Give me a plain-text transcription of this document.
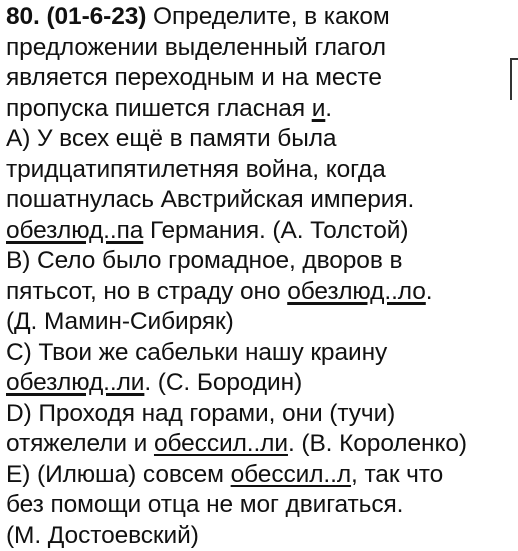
80. (01-6-23) Определите, в каком
предложении выделенный глагол
является переходным и на месте
пропуска пишется гласная и.
А) У всех ещё в памяти была
тридцатипятилетняя война, когда
пошатнулась Австрийская империя.
обезлюд..па Германия. (А. Толстой)
В) Село было громадное, дворов в
пятьсот, но в страду оно обезлюд..ло.
(Д. Мамин-Сибиряк)
С) Твои же сабельки нашу краину
обезлюд..ли. (С. Бородин)
D) Проходя над горами, они (тучи)
отяжелели и обессил..ли. (В. Короленко)
Е) (Илюша) совсем обессил..л, так что
без помощи отца не мог двигаться.
(М. Достоевский)
